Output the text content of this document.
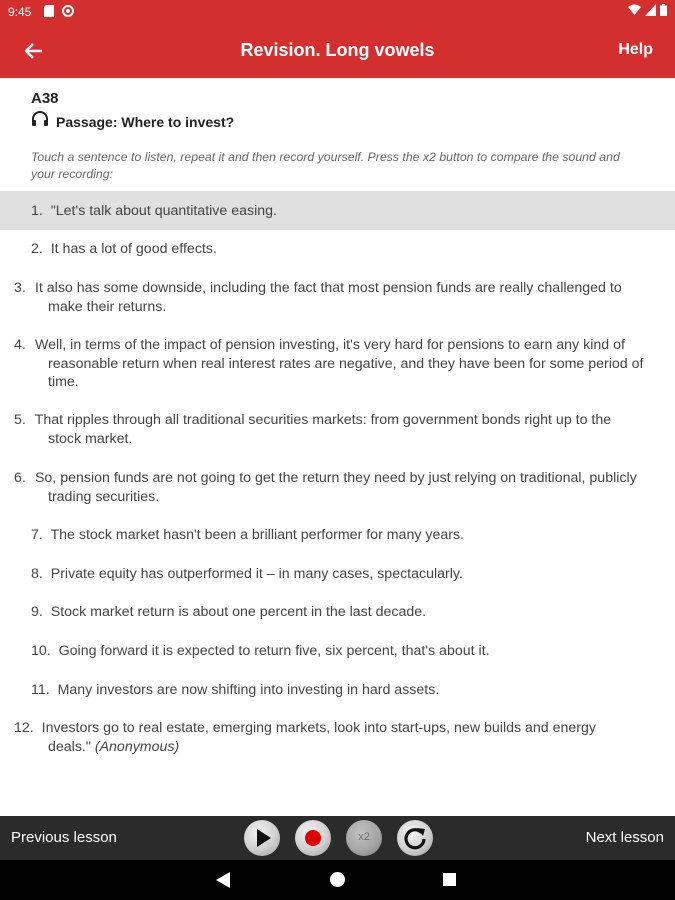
9:45
Revision. Long vowels	Help
A38
Passage: Where to invest?
Touch a sentence to listen, repeat it and then record yourself. Press the x2 button to compare the sound and your recording:
1.  "Let's talk about quantitative easing.
2.  It has a lot of good effects.
3.  It also has some downside, including the fact that most pension funds are really challenged to make their returns.
4.  Well, in terms of the impact of pension investing, it's very hard for pensions to earn any kind of reasonable return when real interest rates are negative, and they have been for some period of time.
5.  That ripples through all traditional securities markets: from government bonds right up to the stock market.
6.  So, pension funds are not going to get the return they need by just relying on traditional, publicly trading securities.
7.  The stock market hasn't been a brilliant performer for many years.
8.  Private equity has outperformed it – in many cases, spectacularly.
9.  Stock market return is about one percent in the last decade.
10.  Going forward it is expected to return five, six percent, that's about it.
11.  Many investors are now shifting into investing in hard assets.
12.  Investors go to real estate, emerging markets, look into start-ups, new builds and energy deals." (Anonymous)
Previous lesson	x2	Next lesson
